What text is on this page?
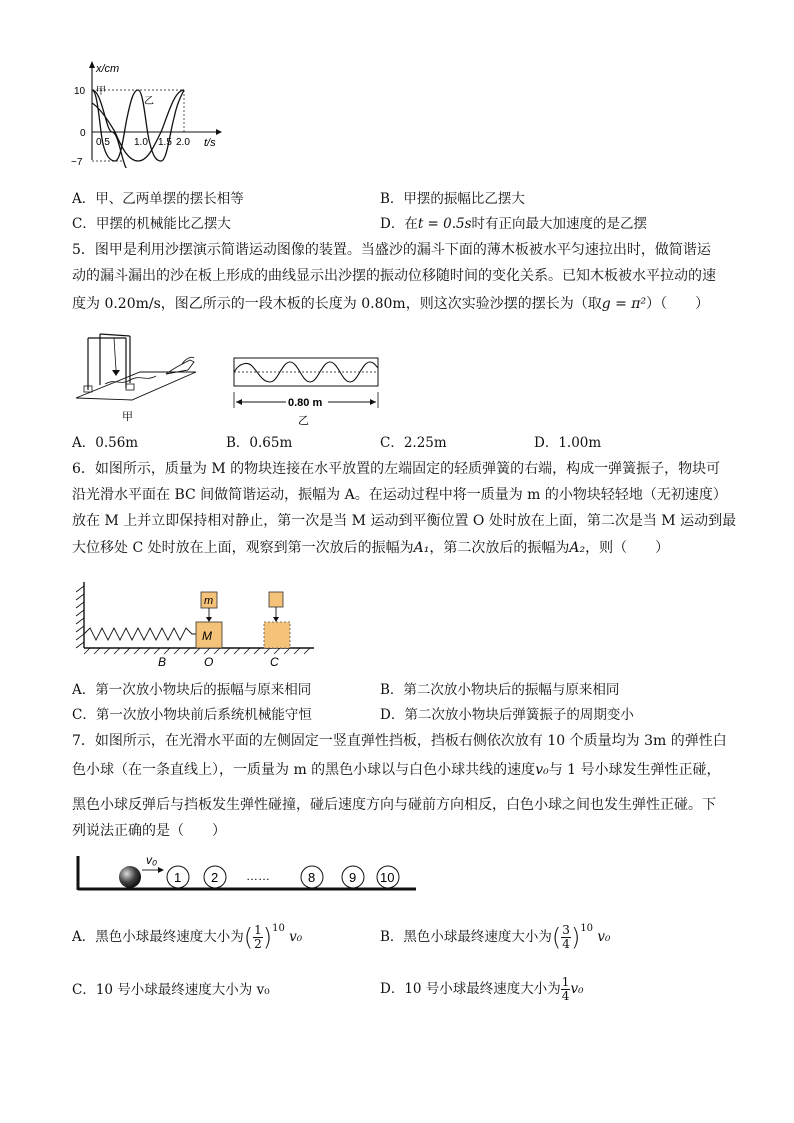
x/cm
t/s
甲
乙
10
0
−7
0.5 1.0 1.5 2.0
A．甲、乙两单摆的摆长相等	B．甲摆的振幅比乙摆大
C．甲摆的机械能比乙摆大	D．在t = 0.5s时有正向最大加速度的是乙摆
5．图甲是利用沙摆演示简谐运动图像的装置。当盛沙的漏斗下面的薄木板被水平匀速拉出时，做简谐运
动的漏斗漏出的沙在板上形成的曲线显示出沙摆的振动位移随时间的变化关系。已知木板被水平拉动的速
度为 0.20m/s，图乙所示的一段木板的长度为 0.80m，则这次实验沙摆的摆长为（取g = π²）（　　）
甲
0.80 m
乙
A．0.56m	B．0.65m	C．2.25m	D．1.00m
6．如图所示，质量为 M 的物块连接在水平放置的左端固定的轻质弹簧的右端，构成一弹簧振子，物块可
沿光滑水平面在 BC 间做简谐运动，振幅为 A。在运动过程中将一质量为 m 的小物块轻轻地（无初速度）
放在 M 上并立即保持相对静止，第一次是当 M 运动到平衡位置 O 处时放在上面，第二次是当 M 运动到最
大位移处 C 处时放在上面，观察到第一次放后的振幅为A₁，第二次放后的振幅为A₂，则（　　）
M
m
B	O	C
A．第一次放小物块后的振幅与原来相同	B．第二次放小物块后的振幅与原来相同
C．第一次放小物块前后系统机械能守恒	D．第二次放小物块后弹簧振子的周期变小
7．如图所示，在光滑水平面的左侧固定一竖直弹性挡板，挡板右侧依次放有 10 个质量均为 3m 的弹性白
色小球（在一条直线上），一质量为 m 的黑色小球以与白色小球共线的速度v₀与 1 号小球发生弹性正碰，
黑色小球反弹后与挡板发生弹性碰撞，碰后速度方向与碰前方向相反，白色小球之间也发生弹性正碰。下
列说法正确的是（　　）
v₀
1 2 ……	8	9 10
A．黑色小球最终速度大小为( $\frac{1}{2} )^{10}$ v₀	B．黑色小球最终速度大小为( $\frac{3}{4} )^{10}$ v₀
C．10 号小球最终速度大小为 v₀	D．10 号小球最终速度大小为 $\frac{1}{4} v_0$
